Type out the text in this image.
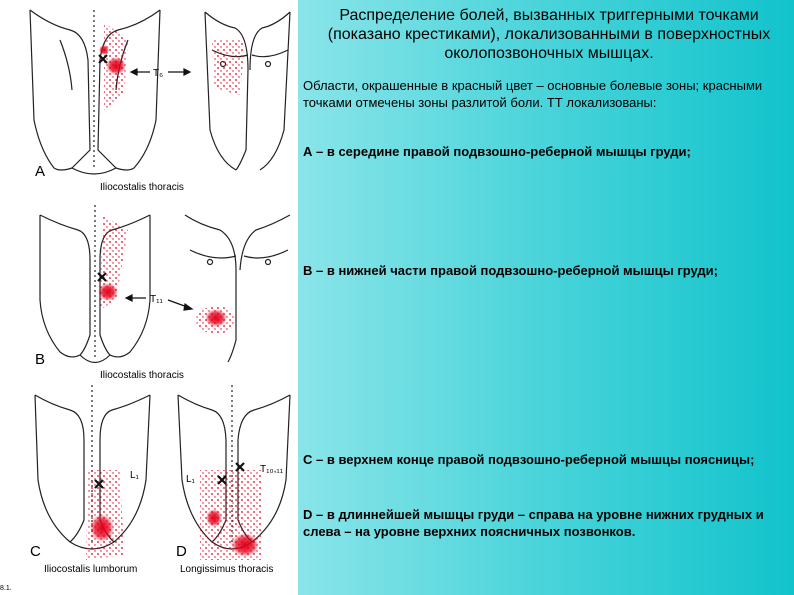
T₆
A
Iliocostalis thoracis
T₁₁
B
Iliocostalis thoracis
L₁
C
Iliocostalis lumborum
L₁
T₁₀,₁₁
D
Longissimus thoracis
8.1.
Распределение болей, вызванных триггерными точками (показано крестиками), локализованными в поверхностных околопозвоночных мышцах.
Области, окрашенные в красный цвет – основные болевые зоны; красными точками отмечены зоны разлитой боли. ТТ локализованы:
А – в середине правой подвзошно-реберной мышцы груди;
В – в нижней части правой подвзошно-реберной мышцы груди;
С – в верхнем конце правой подвзошно-реберной мышцы поясницы;
D – в длиннейшей мышцы груди – справа на уровне нижних грудных и слева – на уровне верхних поясничных позвонков.
